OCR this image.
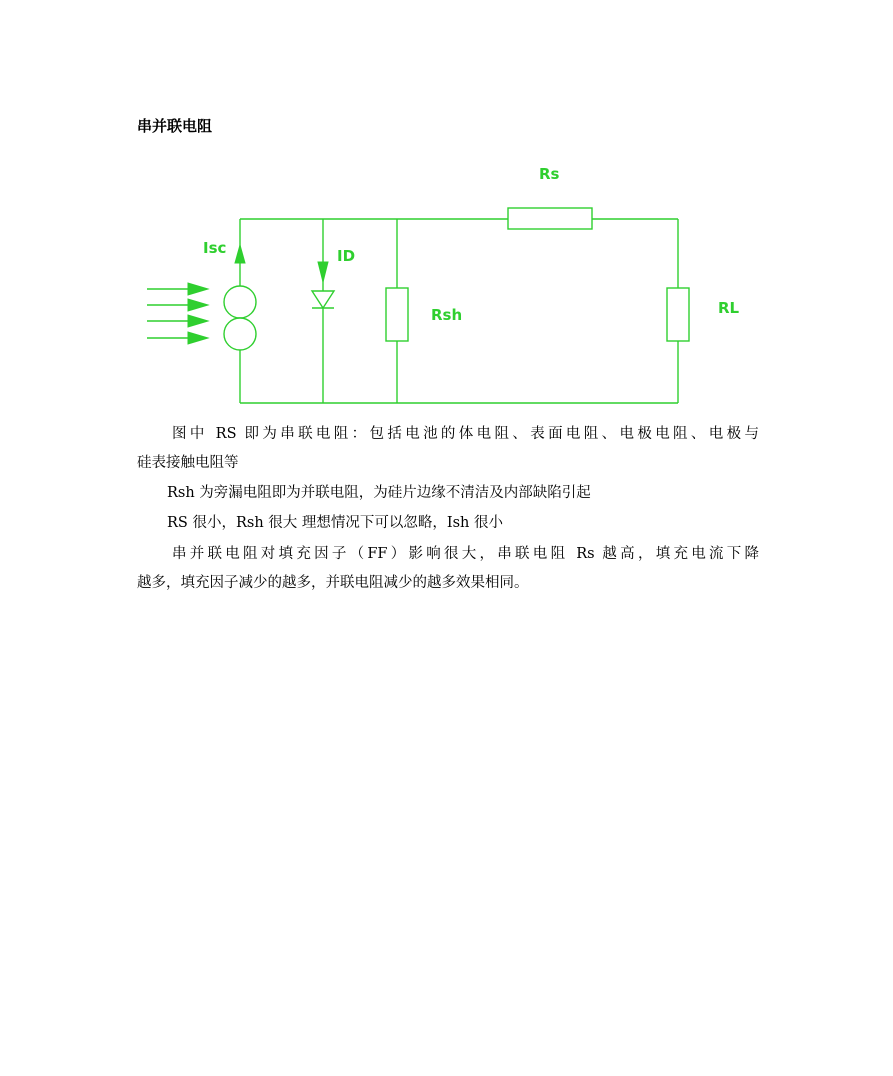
串并联电阻
Isc	ID
Rsh
Rs
RL

图中 RS 即为串联电阻：包括电池的体电阻、表面电阻、电极电阻、电极与
硅表接触电阻等

Rsh 为旁漏电阻即为并联电阻，为硅片边缘不清洁及内部缺陷引起

RS 很小，Rsh 很大 理想情况下可以忽略，Ish 很小

串并联电阻对填充因子（FF）影响很大，串联电阻 Rs 越高，填充电流下降
越多，填充因子减少的越多，并联电阻减少的越多效果相同。
